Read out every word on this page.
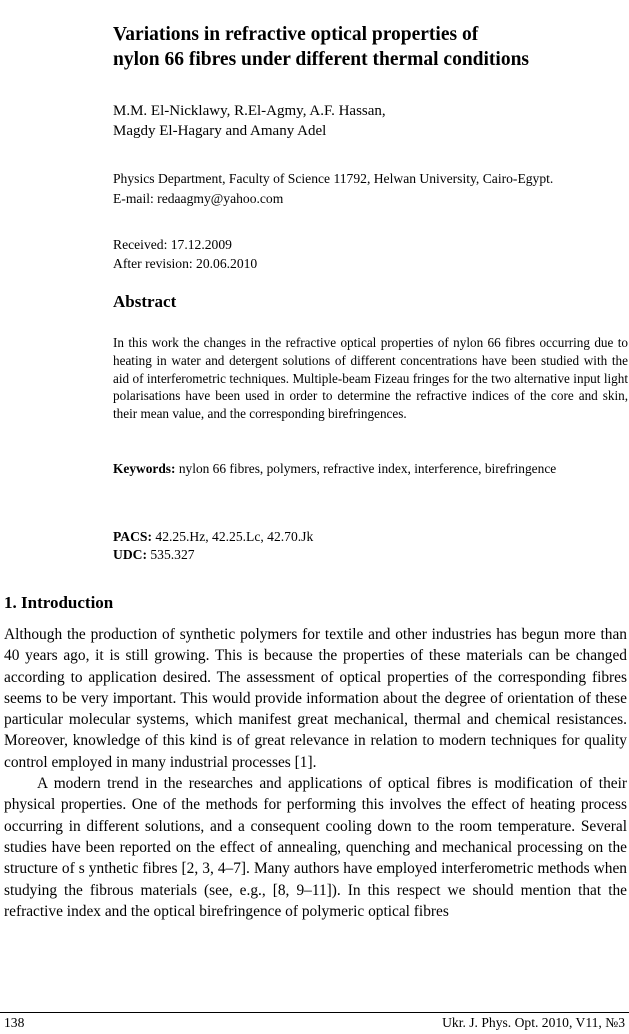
Variations in refractive optical properties of
nylon 66 fibres under different thermal conditions
M.M. El-Nicklawy, R.El-Agmy, A.F. Hassan,
Magdy El-Hagary and Amany Adel
Physics Department, Faculty of Science 11792, Helwan University, Cairo-Egypt.
E-mail: redaagmy@yahoo.com
Received: 17.12.2009
After revision: 20.06.2010
Abstract
In this work the changes in the refractive optical properties of nylon 66 fibres occurring due to heating in water and detergent solutions of different concentrations have been studied with the aid of interferometric techniques. Multiple-beam Fizeau fringes for the two alternative input light polarisations have been used in order to determine the refractive indices of the core and skin, their mean value, and the corresponding birefringences.
Keywords: nylon 66 fibres, polymers, refractive index, interference, birefringence
PACS: 42.25.Hz, 42.25.Lc, 42.70.Jk
UDC: 535.327
1. Introduction

Although the production of synthetic polymers for textile and other industries has begun more than 40 years ago, it is still growing. This is because the properties of these materials can be changed according to application desired. The assessment of optical properties of the corresponding fibres seems to be very important. This would provide information about the degree of orientation of these particular molecular systems, which manifest great mechanical, thermal and chemical resistances. Moreover, knowledge of this kind is of great relevance in relation to modern techniques for quality control employed in many industrial processes [1].

A modern trend in the researches and applications of optical fibres is modification of their physical properties. One of the methods for performing this involves the effect of heating process occurring in different solutions, and a consequent cooling down to the room temperature. Several studies have been reported on the effect of annealing, quenching and mechanical processing on the structure of s ynthetic fibres [2, 3, 4–7]. Many authors have employed interferometric methods when studying the fibrous materials (see, e.g., [8, 9–11]). In this respect we should mention that the refractive index and the optical birefringence of polymeric optical fibres

138	Ukr. J. Phys. Opt. 2010, V11, №3
